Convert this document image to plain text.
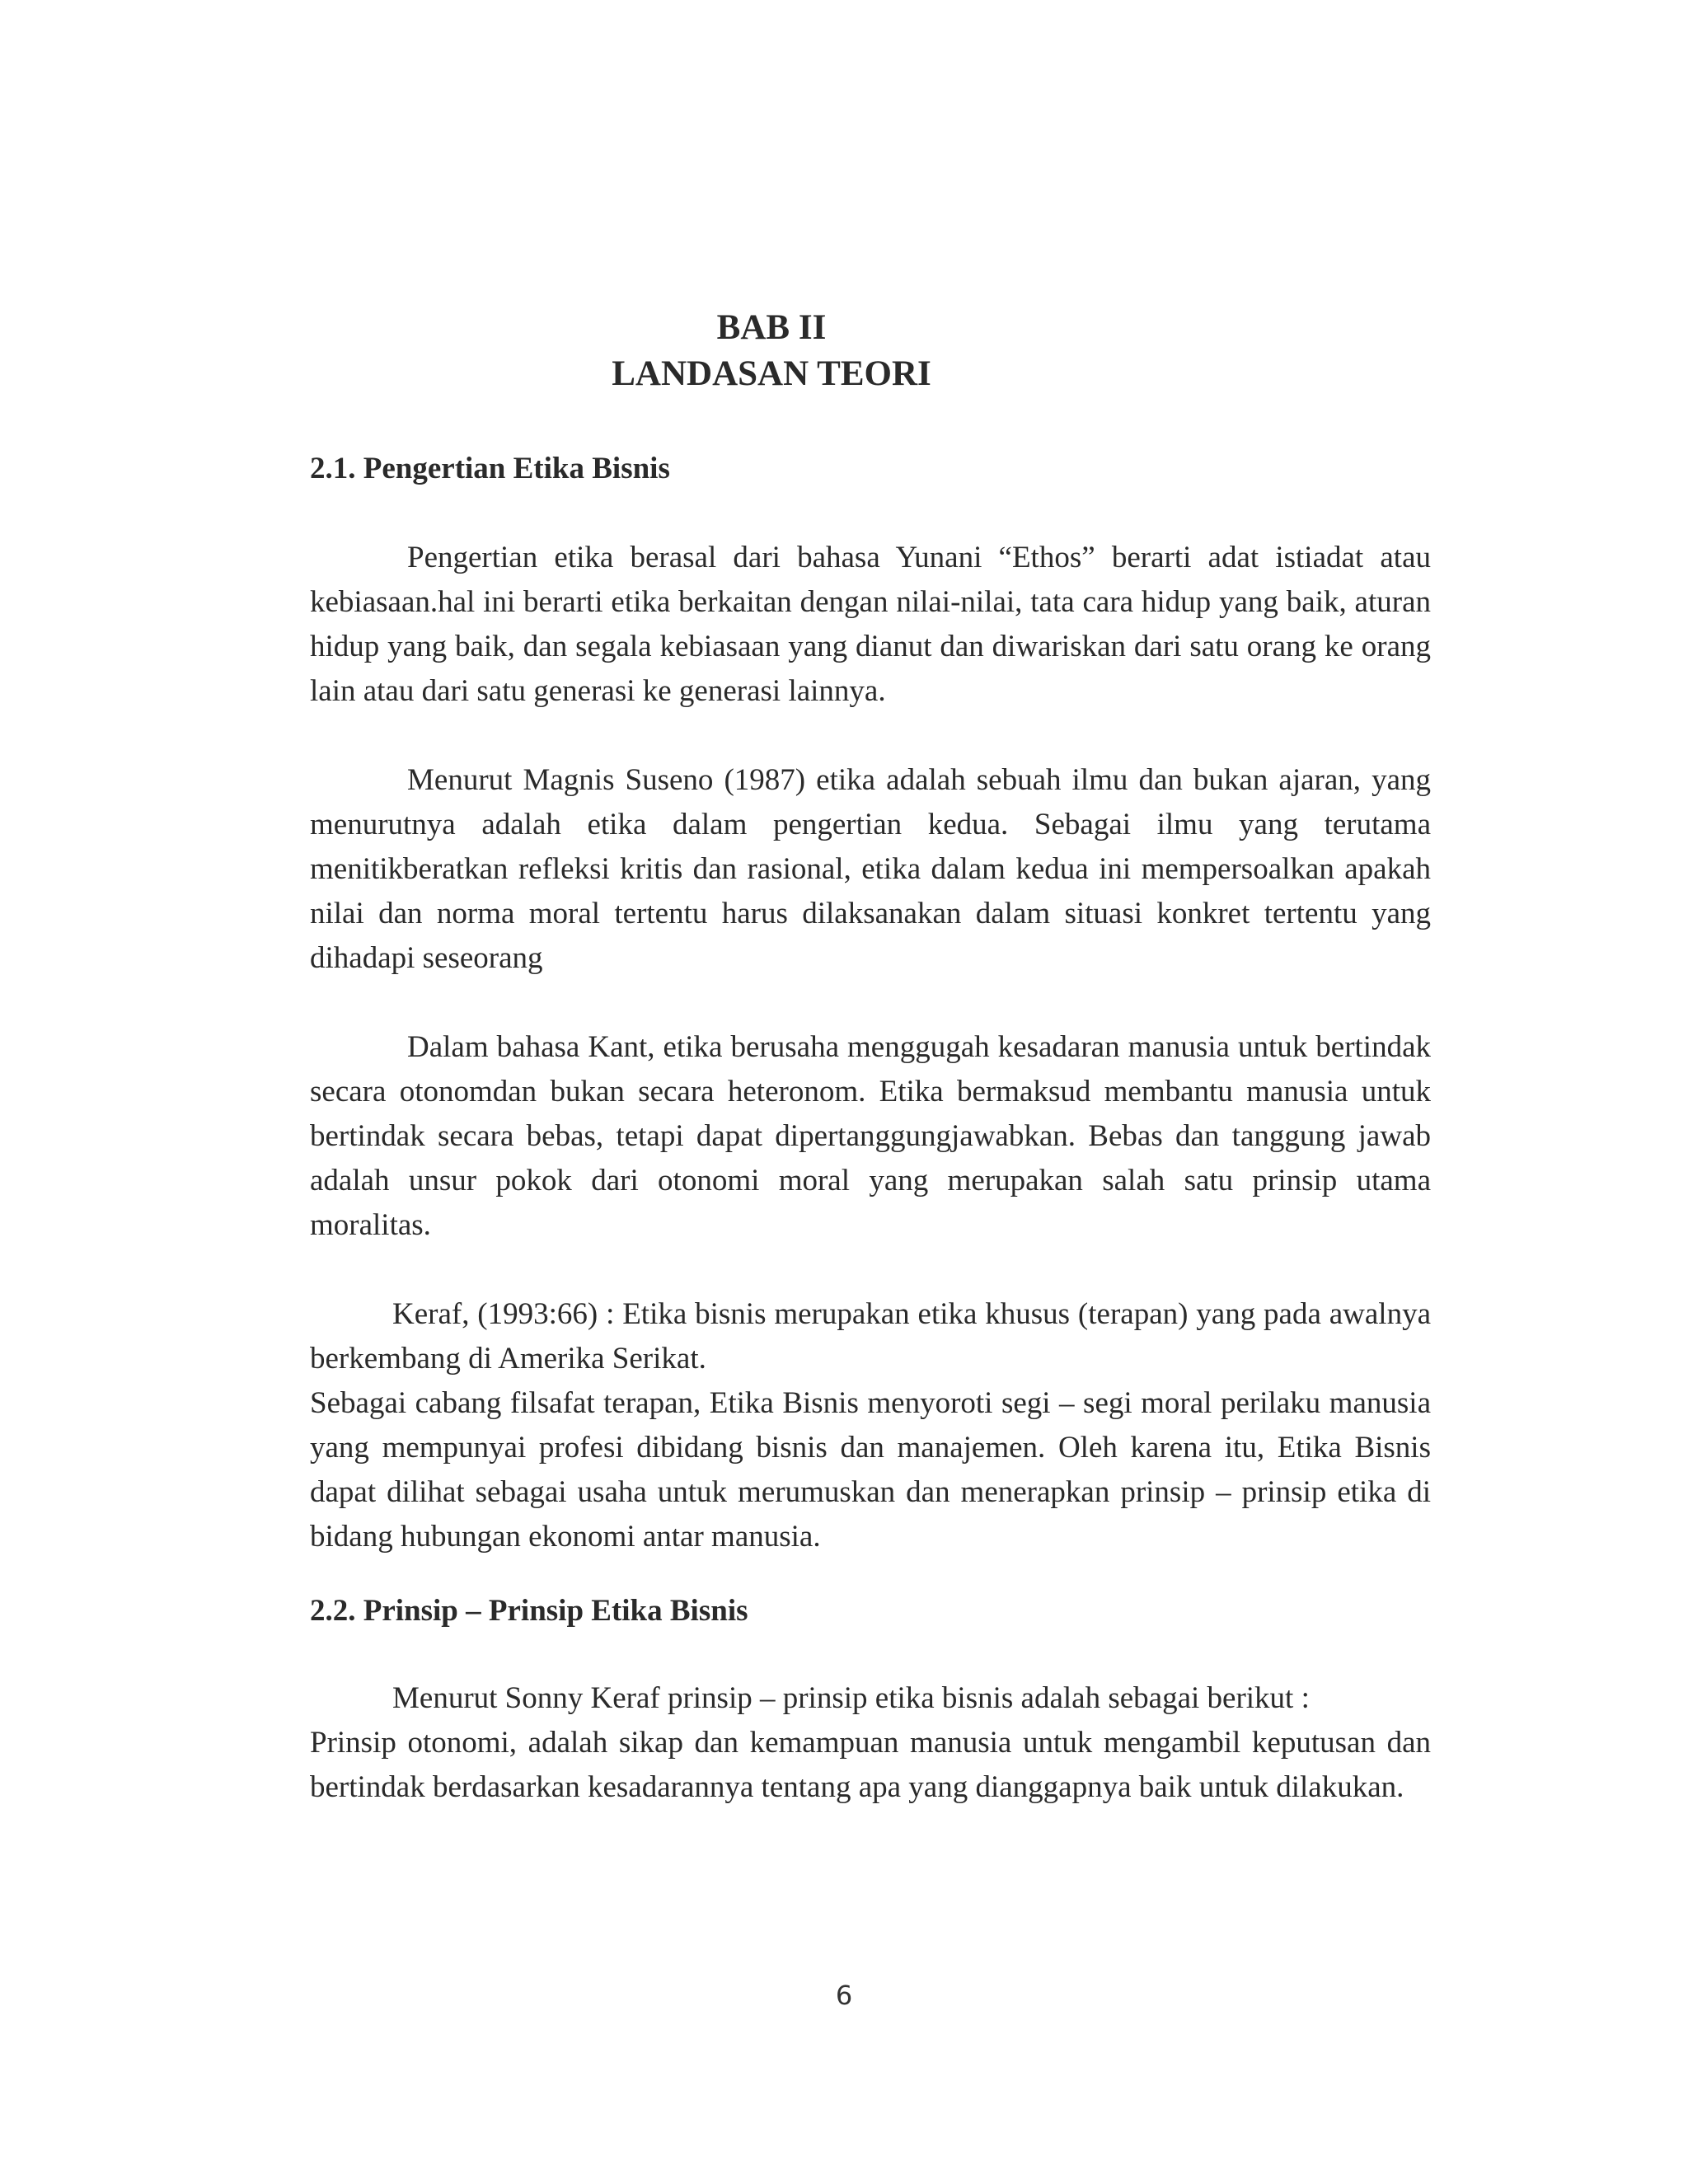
BAB II
LANDASAN TEORI
2.1. Pengertian Etika Bisnis

Pengertian etika berasal dari bahasa Yunani “Ethos” berarti adat istiadat atau kebiasaan.hal ini berarti etika berkaitan dengan nilai-nilai, tata cara hidup yang baik, aturan hidup yang baik, dan segala kebiasaan yang dianut dan diwariskan dari satu orang ke orang lain atau dari satu generasi ke generasi lainnya.

Menurut Magnis Suseno (1987) etika adalah sebuah ilmu dan bukan ajaran, yang menurutnya adalah etika dalam pengertian kedua. Sebagai ilmu yang terutama menitikberatkan refleksi kritis dan rasional, etika dalam kedua ini mempersoalkan apakah nilai dan norma moral tertentu harus dilaksanakan dalam situasi konkret tertentu yang dihadapi seseorang

Dalam bahasa Kant, etika berusaha menggugah kesadaran manusia untuk bertindak secara otonomdan bukan secara heteronom. Etika bermaksud membantu manusia untuk bertindak secara bebas, tetapi dapat dipertanggungjawabkan. Bebas dan tanggung jawab adalah unsur pokok dari otonomi moral yang merupakan salah satu prinsip utama moralitas.

Keraf, (1993:66) : Etika bisnis merupakan etika khusus (terapan) yang pada awalnya berkembang di Amerika Serikat.

Sebagai cabang filsafat terapan, Etika Bisnis menyoroti segi – segi moral perilaku manusia yang mempunyai profesi dibidang bisnis dan manajemen. Oleh karena itu, Etika Bisnis dapat dilihat sebagai usaha untuk merumuskan dan menerapkan prinsip – prinsip etika di bidang hubungan ekonomi antar manusia.

2.2. Prinsip – Prinsip Etika Bisnis

Menurut Sonny Keraf prinsip – prinsip etika bisnis adalah sebagai berikut :

Prinsip otonomi, adalah sikap dan kemampuan manusia untuk mengambil keputusan dan bertindak berdasarkan kesadarannya tentang apa yang dianggapnya baik untuk dilakukan.

6
